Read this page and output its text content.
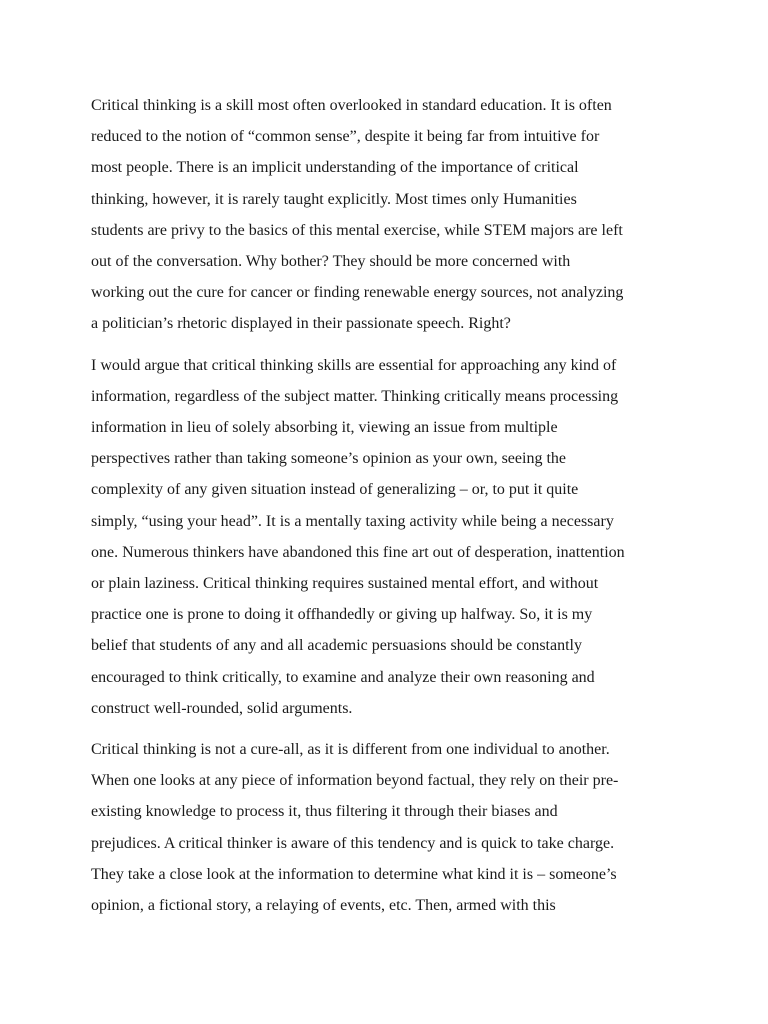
Critical thinking is a skill most often overlooked in standard education. It is often
reduced to the notion of “common sense”, despite it being far from intuitive for
most people. There is an implicit understanding of the importance of critical
thinking, however, it is rarely taught explicitly. Most times only Humanities
students are privy to the basics of this mental exercise, while STEM majors are left
out of the conversation. Why bother? They should be more concerned with
working out the cure for cancer or finding renewable energy sources, not analyzing
a politician’s rhetoric displayed in their passionate speech. Right?

I would argue that critical thinking skills are essential for approaching any kind of
information, regardless of the subject matter. Thinking critically means processing
information in lieu of solely absorbing it, viewing an issue from multiple
perspectives rather than taking someone’s opinion as your own, seeing the
complexity of any given situation instead of generalizing – or, to put it quite
simply, “using your head”. It is a mentally taxing activity while being a necessary
one. Numerous thinkers have abandoned this fine art out of desperation, inattention
or plain laziness. Critical thinking requires sustained mental effort, and without
practice one is prone to doing it offhandedly or giving up halfway. So, it is my
belief that students of any and all academic persuasions should be constantly
encouraged to think critically, to examine and analyze their own reasoning and
construct well-rounded, solid arguments.

Critical thinking is not a cure-all, as it is different from one individual to another.
When one looks at any piece of information beyond factual, they rely on their pre-
existing knowledge to process it, thus filtering it through their biases and
prejudices. A critical thinker is aware of this tendency and is quick to take charge.
They take a close look at the information to determine what kind it is – someone’s
opinion, a fictional story, a relaying of events, etc. Then, armed with this
